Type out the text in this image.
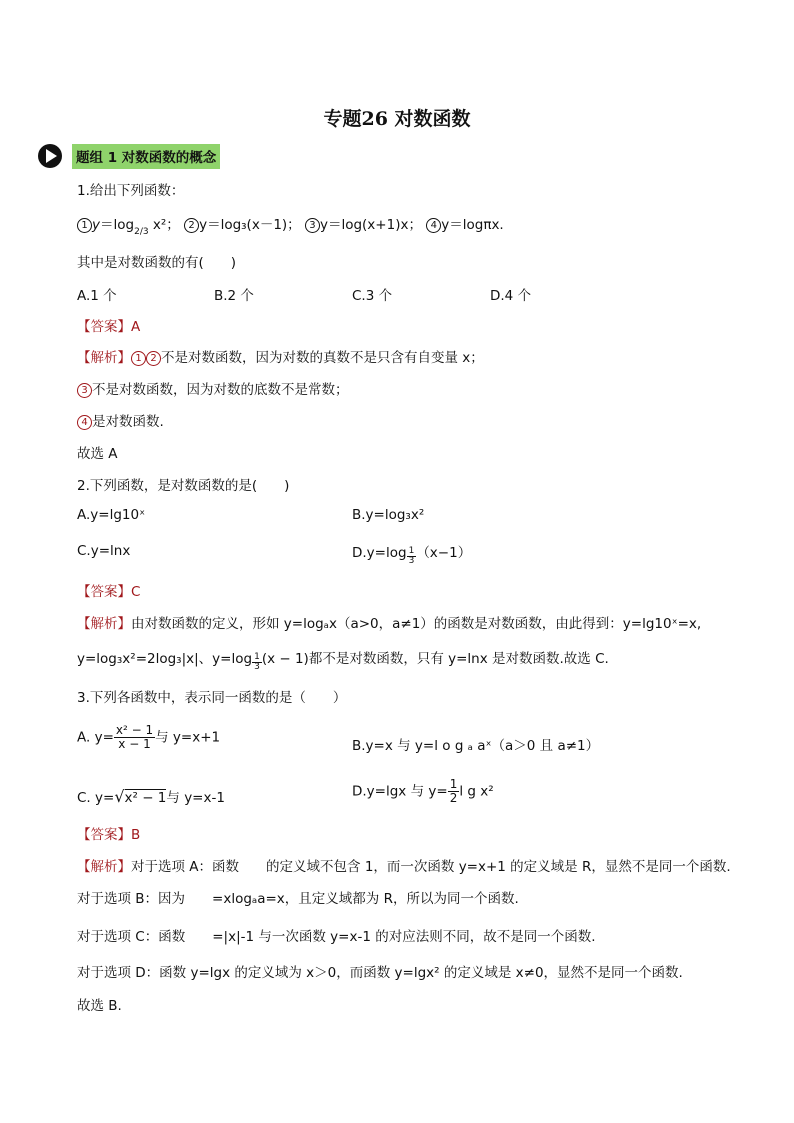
专题26 对数函数
题组 1 对数函数的概念
1.给出下列函数：
1 $y=\log_{2/3}$ x²； 2 y＝log₃(x－1)； 3 y＝log(x+1)x； 4 y＝logπx.
其中是对数函数的有(　　)
A.1 个	B.2 个	C.3 个	D.4 个
【答案】A
【解析】 1 2 不是对数函数，因为对数的真数不是只含有自变量 x；
3 不是对数函数，因为对数的底数不是常数；
4 是对数函数.
故选 A
2.下列函数，是对数函数的是(　　)
A.y=lg10ˣ	B.y=log₃x²
C.y=lnx	$D.y=\log \frac{1}{3} (x-1)$
【答案】C
【解析】由对数函数的定义，形如 y=logₐx（a>0，a≠1）的函数是对数函数，由此得到：y=lg10ˣ=x,
y=log₃x²=2log₃|x|、$y=\log \frac{1}{3} (x - 1)$都不是对数函数，只有 y=lnx 是对数函数.故选 C.
3.下列各函数中，表示同一函数的是（　　）
A. $y= \frac{\text{x² − 1}}{x - 1}$ 与 y=x+1
B.y=x 与 y=l o g ₐ aˣ（a＞0 且 a≠1）
C. y=√x² − 1与 y=x-1	D.y=lgx 与 $y= \frac{1}{2}$ l g x²
【答案】B
【解析】对于选项 A：函数　　的定义域不包含 1，而一次函数 y=x+1 的定义域是 R，显然不是同一个函数.
对于选项 B：因为　　=xlogₐa=x，且定义域都为 R，所以为同一个函数.
对于选项 C：函数　　=|x|-1 与一次函数 y=x-1 的对应法则不同，故不是同一个函数.
对于选项 D：函数 y=lgx 的定义域为 x＞0，而函数 y=lgx² 的定义域是 x≠0，显然不是同一个函数.
故选 B.
